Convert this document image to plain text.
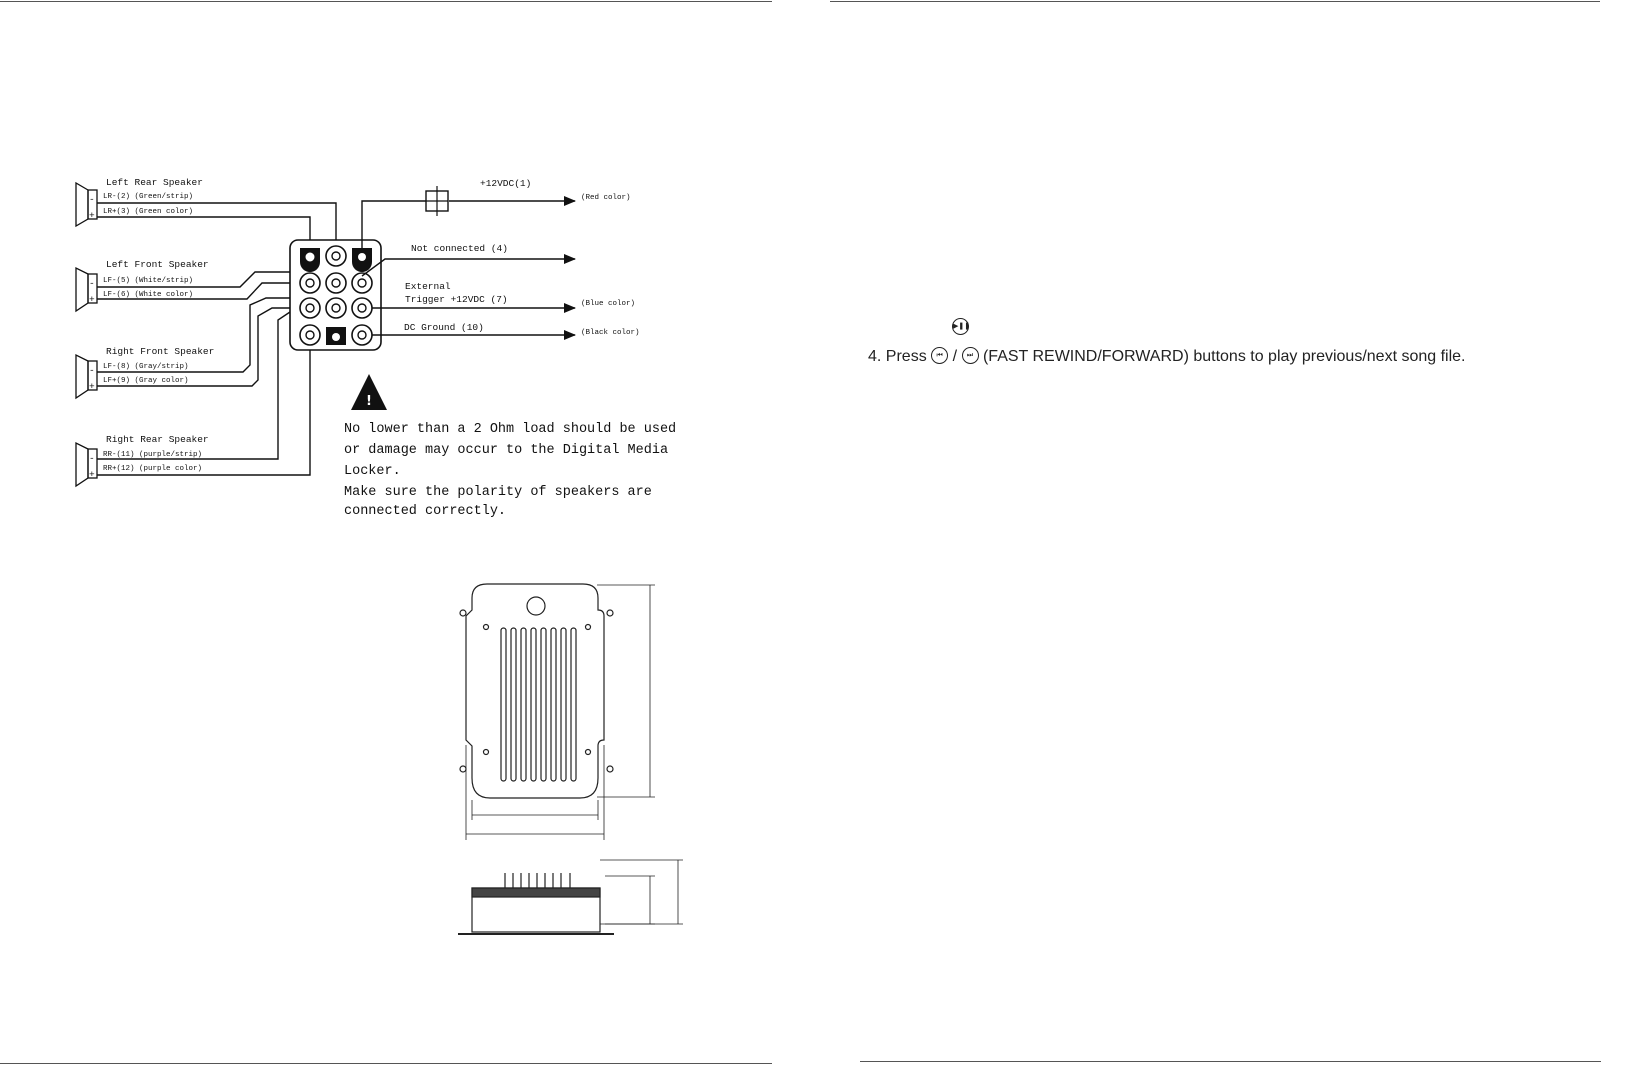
Left Rear Speaker
-
+
LR-(2) (Green/strip)
LR+(3) (Green color)
Left Front Speaker
-
+
LF-(5) (White/strip)
LF-(6) (White color)
Right Front Speaker
-
+
LF-(8) (Gray/strip)
LF+(9) (Gray color)
Right Rear Speaker
-
+
RR-(11) (purple/strip)
RR+(12) (purple color)
+12VDC(1)
(Red color)
Not connected (4)
External
Trigger +12VDC (7)	(Blue color)
DC Ground (10)	(Black color)
!
No lower than a 2 Ohm load should be used
or damage may occur to the Digital Media
Locker.
Make sure the polarity of speakers are
connected correctly.
▶❚❚
4. Press	⏮ /	⏭ (FAST REWIND/FORWARD) buttons to play previous/next song file.
